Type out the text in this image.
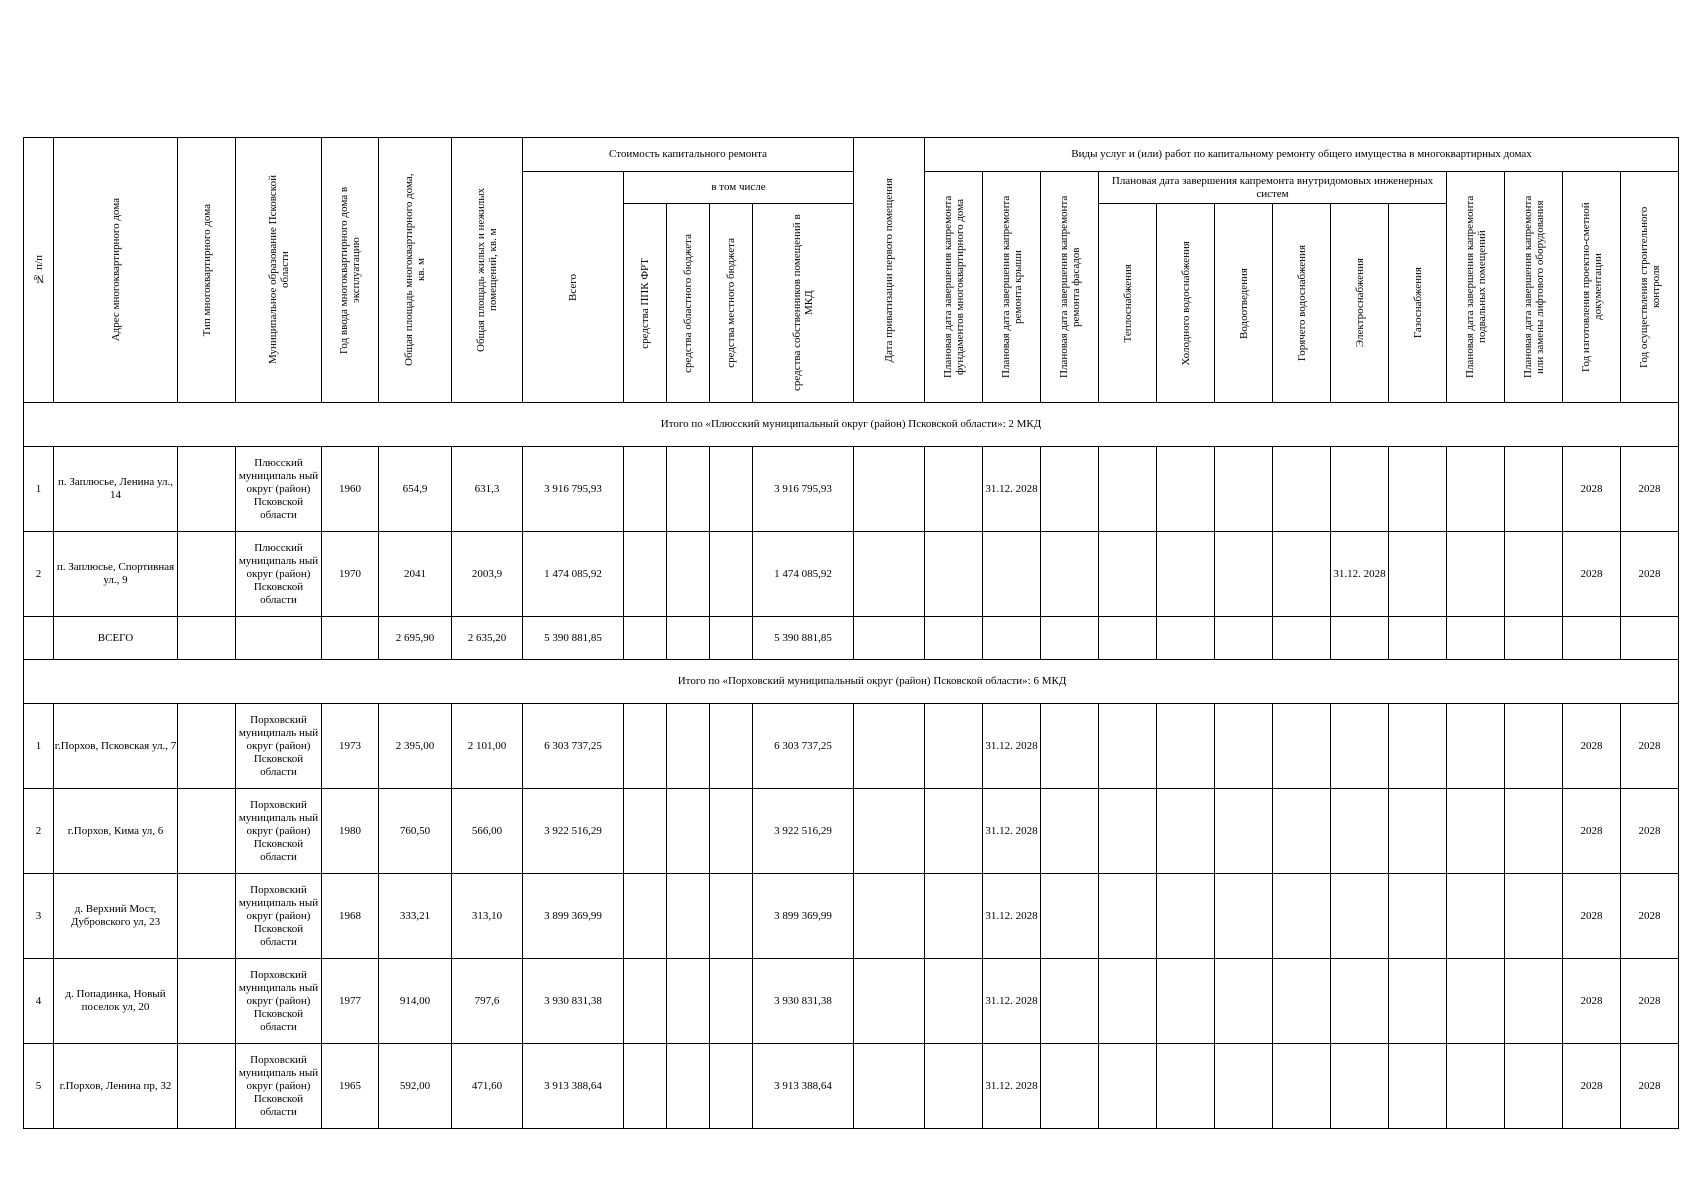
№ п/п	Адрес многоквартирного дома	Тип многоквартирного дома	Муниципальное образование Псковской области	Год ввода многоквартирного дома в эксплуатацию	Общая площадь многоквартирного дома, кв. м	Общая площадь жилых и нежилых помещений, кв. м	Стоимость капитального ремонта					Дата приватизации первого помещения	Виды услуг и (или) работ по капитальному ремонту общего имущества в многоквартирных домах												

							Всего	в том числе					Плановая дата завершения капремонта фундаментов многоквартирного дома	Плановая дата завершения капремонта ремонта крыши	Плановая дата завершения капремонта ремонта фасадов	Плановая дата завершения капремонта внутридомовых инженерных систем						Плановая дата завершения капремонта подвальных помещений	Плановая дата завершения капремонта или замены лифтового оборудования	Год изготовления проектно-сметной документации	Год осуществления строительного контроля

								средства ППК ФРТ	средства областного бюджета	средства местного бюджета	средства собственников помещений в МКД					Теплоснабжения	Холодного водоснабжения	Водоотведения	Горячего водоснабжения	Электроснабжения	Газоснабжения				

Итого по «Плюсский муниципальный округ (район) Псковской области»: 2 МКД																									
1	п. Заплюсье, Ленина ул., 14		Плюсский муниципаль ный округ (район) Псковской области	1960	654,9	631,3	3 916 795,93				3 916 795,93			31.12. 2028										2028	2028
2	п. Заплюсье, Спортивная ул., 9		Плюсский муниципаль ный округ (район) Псковской области	1970	2041	2003,9	1 474 085,92				1 474 085,92									31.12. 2028				2028	2028
	ВСЕГО				2 695,90	2 635,20	5 390 881,85				5 390 881,85														
Итого по «Порховский муниципальный округ (район) Псковской области»: 6 МКД																									
1	г.Порхов, Псковская ул., 7		Порховский муниципаль ный округ (район) Псковской области	1973	2 395,00	2 101,00	6 303 737,25				6 303 737,25			31.12. 2028										2028	2028
2	г.Порхов, Кима ул, 6		Порховский муниципаль ный округ (район) Псковской области	1980	760,50	566,00	3 922 516,29				3 922 516,29			31.12. 2028										2028	2028
3	д. Верхний Мост, Дубровского ул, 23		Порховский муниципаль ный округ (район) Псковской области	1968	333,21	313,10	3 899 369,99				3 899 369,99			31.12. 2028										2028	2028
4	д. Попадинка, Новый поселок ул, 20		Порховский муниципаль ный округ (район) Псковской области	1977	914,00	797,6	3 930 831,38				3 930 831,38			31.12. 2028										2028	2028
5	г.Порхов, Ленина пр, 32		Порховский муниципаль ный округ (район) Псковской области	1965	592,00	471,60	3 913 388,64				3 913 388,64			31.12. 2028										2028	2028
